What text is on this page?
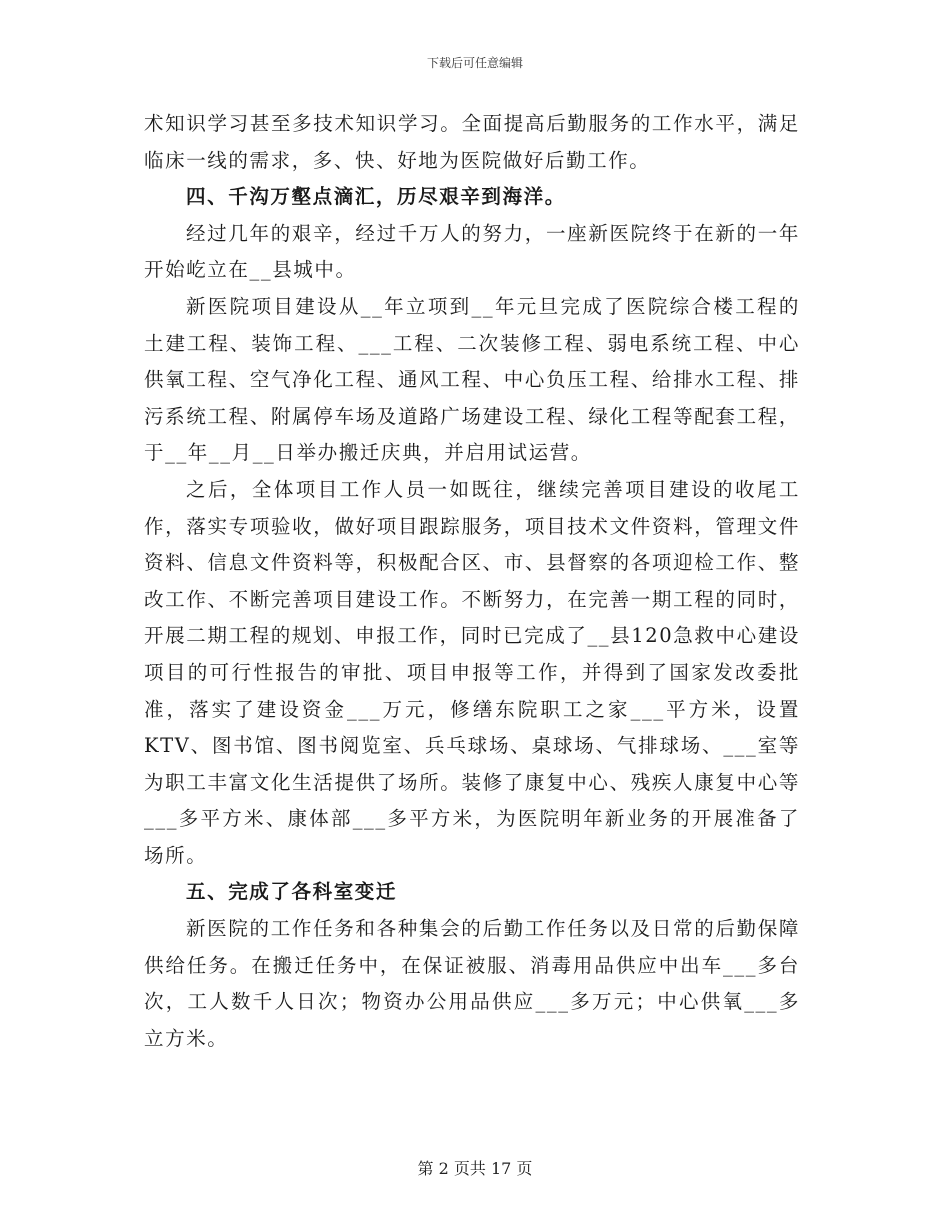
下载后可任意编辑

术知识学习甚至多技术知识学习。全面提高后勤服务的工作水平，满足临床一线的需求，多、快、好地为医院做好后勤工作。

四、千沟万壑点滴汇，历尽艰辛到海洋。

经过几年的艰辛，经过千万人的努力，一座新医院终于在新的一年开始屹立在__县城中。

新医院项目建设从__年立项到__年元旦完成了医院综合楼工程的土建工程、装饰工程、___工程、二次装修工程、弱电系统工程、中心供氧工程、空气净化工程、通风工程、中心负压工程、给排水工程、排污系统工程、附属停车场及道路广场建设工程、绿化工程等配套工程，于__年__月__日举办搬迁庆典，并启用试运营。

之后，全体项目工作人员一如既往，继续完善项目建设的收尾工作，落实专项验收，做好项目跟踪服务，项目技术文件资料，管理文件资料、信息文件资料等，积极配合区、市、县督察的各项迎检工作、整改工作、不断完善项目建设工作。不断努力，在完善一期工程的同时，开展二期工程的规划、申报工作，同时已完成了__县120急救中心建设项目的可行性报告的审批、项目申报等工作，并得到了国家发改委批准，落实了建设资金___万元，修缮东院职工之家___平方米，设置KTV、图书馆、图书阅览室、兵乓球场、桌球场、气排球场、___室等为职工丰富文化生活提供了场所。装修了康复中心、残疾人康复中心等___多平方米、康体部___多平方米，为医院明年新业务的开展准备了场所。

五、完成了各科室变迁

新医院的工作任务和各种集会的后勤工作任务以及日常的后勤保障供给任务。在搬迁任务中，在保证被服、消毒用品供应中出车___多台次，工人数千人日次；物资办公用品供应___多万元；中心供氧___多立方米。

第 2 页共 17 页
